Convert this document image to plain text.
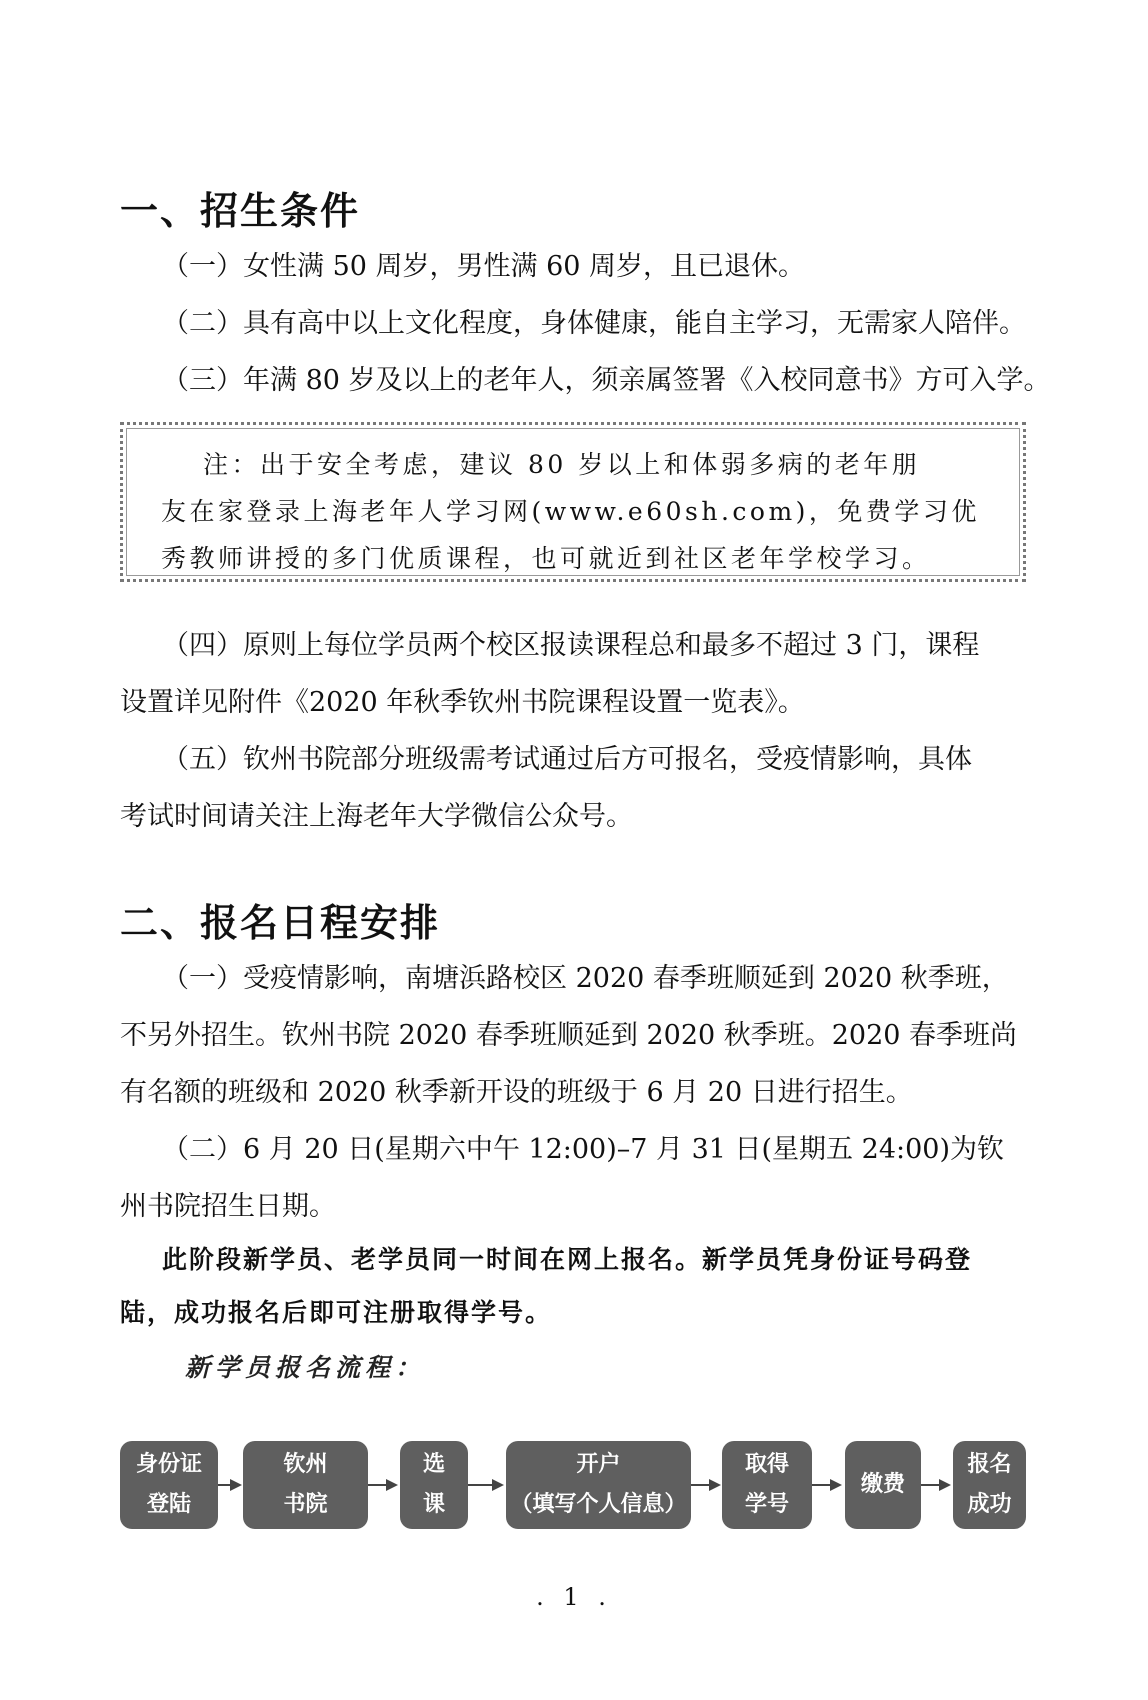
一、招生条件
（一）女性满 50 周岁，男性满 60 周岁，且已退休。
（二）具有高中以上文化程度，身体健康，能自主学习，无需家人陪伴。
（三）年满 80 岁及以上的老年人，须亲属签署《入校同意书》方可入学。
注：出于安全考虑，建议 80 岁以上和体弱多病的老年朋
友在家登录上海老年人学习网(www.e60sh.com)，免费学习优
秀教师讲授的多门优质课程，也可就近到社区老年学校学习。
（四）原则上每位学员两个校区报读课程总和最多不超过 3 门，课程
设置详见附件《2020 年秋季钦州书院课程设置一览表》。
（五）钦州书院部分班级需考试通过后方可报名，受疫情影响，具体
考试时间请关注上海老年大学微信公众号。
二、报名日程安排
（一）受疫情影响，南塘浜路校区 2020 春季班顺延到 2020 秋季班，
不另外招生。钦州书院 2020 春季班顺延到 2020 秋季班。2020 春季班尚
有名额的班级和 2020 秋季新开设的班级于 6 月 20 日进行招生。
（二）6 月 20 日(星期六中午 12:00)–7 月 31 日(星期五 24:00)为钦
州书院招生日期。
此阶段新学员、老学员同一时间在网上报名。新学员凭身份证号码登
陆，成功报名后即可注册取得学号。
新学员报名流程：
身份证
登陆
钦州
书院
选
课
开户
（填写个人信息）
取得
学号
缴费
报名
成功
. 1 .
